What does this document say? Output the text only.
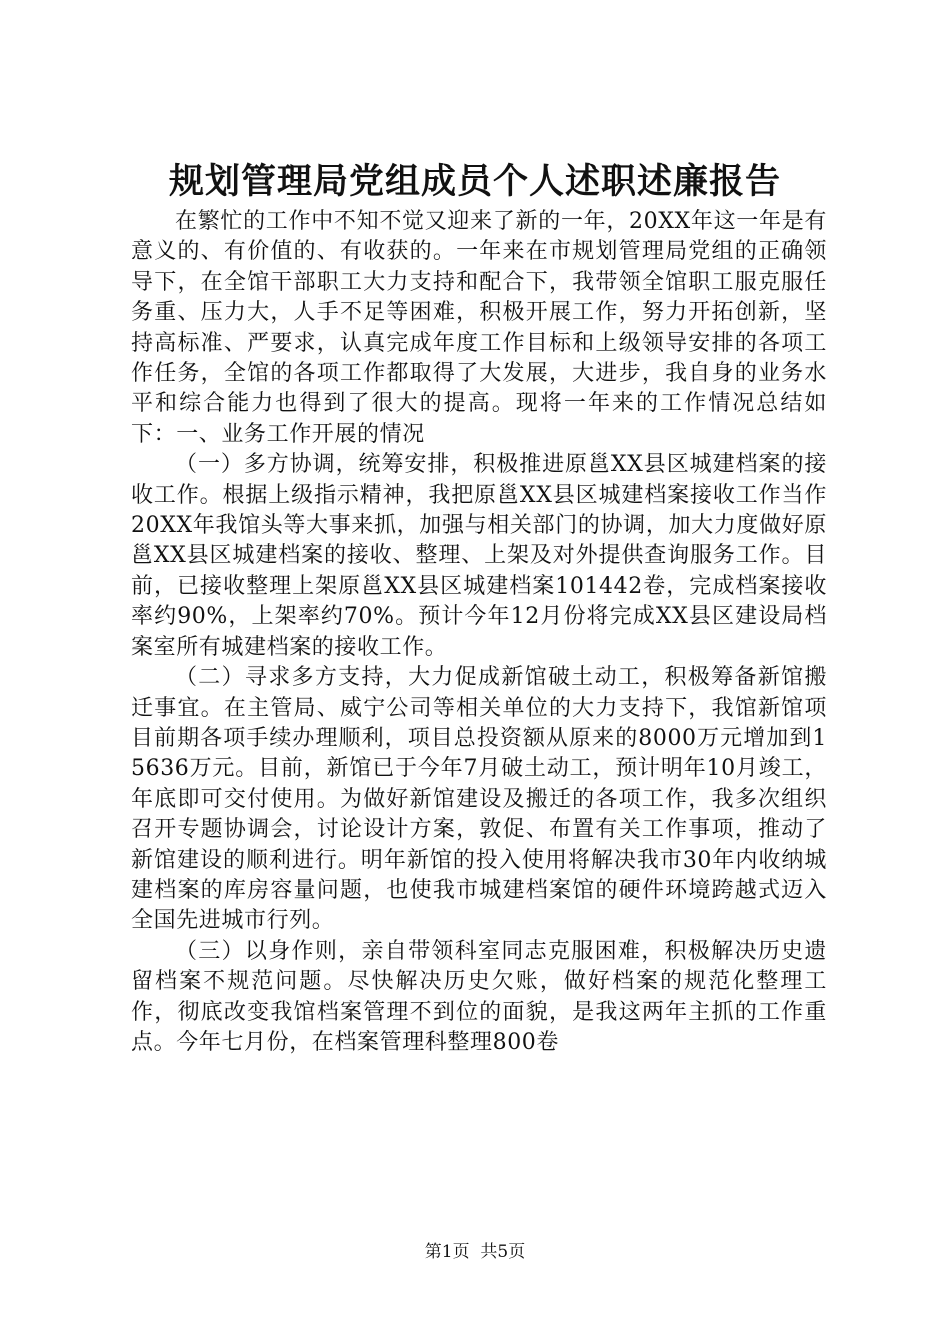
规划管理局党组成员个人述职述廉报告

在繁忙的工作中不知不觉又迎来了新的一年，20XX年这一年是有意义的、有价值的、有收获的。一年来在市规划管理局党组的正确领导下，在全馆干部职工大力支持和配合下，我带领全馆职工服克服任务重、压力大，人手不足等困难，积极开展工作，努力开拓创新，坚持高标准、严要求，认真完成年度工作目标和上级领导安排的各项工作任务，全馆的各项工作都取得了大发展，大进步，我自身的业务水平和综合能力也得到了很大的提高。现将一年来的工作情况总结如下：一、业务工作开展的情况

（一）多方协调，统筹安排，积极推进原邕XX县区城建档案的接收工作。根据上级指示精神，我把原邕XX县区城建档案接收工作当作20XX年我馆头等大事来抓，加强与相关部门的协调，加大力度做好原邕XX县区城建档案的接收、整理、上架及对外提供查询服务工作。目前，已接收整理上架原邕XX县区城建档案101442卷，完成档案接收率约90%，上架率约70%。预计今年12月份将完成XX县区建设局档案室所有城建档案的接收工作。

（二）寻求多方支持，大力促成新馆破土动工，积极筹备新馆搬迁事宜。在主管局、威宁公司等相关单位的大力支持下，我馆新馆项目前期各项手续办理顺利，项目总投资额从原来的8000万元增加到15636万元。目前，新馆已于今年7月破土动工，预计明年10月竣工，年底即可交付使用。为做好新馆建设及搬迁的各项工作，我多次组织召开专题协调会，讨论设计方案，敦促、布置有关工作事项，推动了新馆建设的顺利进行。明年新馆的投入使用将解决我市30年内收纳城建档案的库房容量问题，也使我市城建档案馆的硬件环境跨越式迈入全国先进城市行列。

（三）以身作则，亲自带领科室同志克服困难，积极解决历史遗留档案不规范问题。尽快解决历史欠账，做好档案的规范化整理工作，彻底改变我馆档案管理不到位的面貌，是我这两年主抓的工作重点。今年七月份，在档案管理科整理800卷

第1页 共5页
